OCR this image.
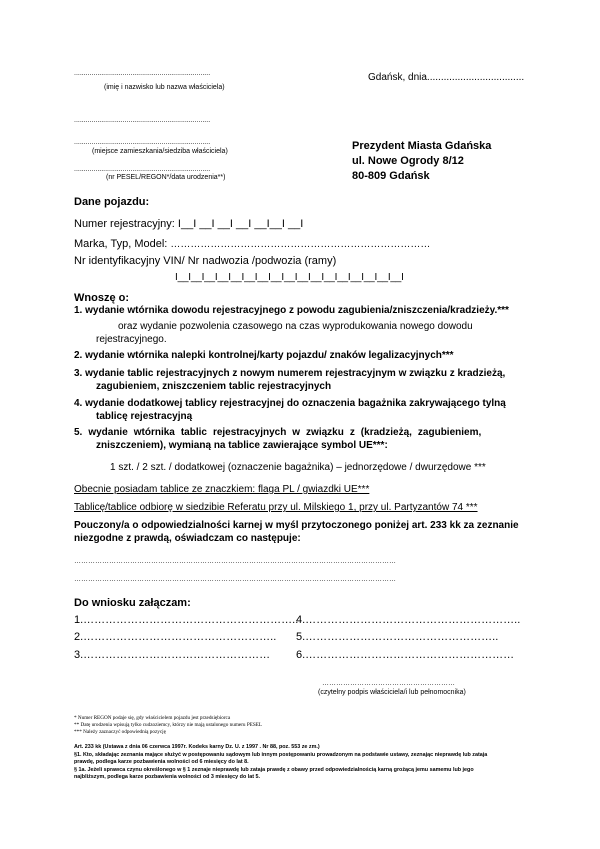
......................................................................
(imię i nazwisko lub nazwa właściciela)
Gdańsk, dnia...................................
......................................................................
......................................................................
(miejsce zamieszkania/siedziba właściciela)
......................................................................
(nr PESEL/REGON*/data urodzenia**)
Prezydent Miasta Gdańska
ul. Nowe Ogrody 8/12
80-809 Gdańsk
Dane pojazdu:
Numer rejestracyjny: I__I __I __I __I __I__I __I
Marka, Typ, Model: ……………………………………………………………………
Nr identyfikacyjny VIN/ Nr nadwozia /podwozia (ramy)
I__I__I__I__I__I__I__I__I__I__I__I__I__I__I__I__I__I
Wnoszę o:
1. wydanie wtórnika dowodu rejestracyjnego z powodu zagubienia/zniszczenia/kradzieży.***
oraz wydanie pozwolenia czasowego na czas wyprodukowania nowego dowodu
rejestracyjnego.
2. wydanie wtórnika nalepki kontrolnej/karty pojazdu/ znaków legalizacyjnych***
3. wydanie tablic rejestracyjnych z nowym numerem rejestracyjnym w związku z kradzieżą,
zagubieniem, zniszczeniem tablic rejestracyjnych
4. wydanie dodatkowej tablicy rejestracyjnej do oznaczenia bagażnika zakrywającego tylną
tablicę rejestracyjną
5. wydanie wtórnika tablic rejestracyjnych w związku z (kradzieżą, zagubieniem,
zniszczeniem), wymianą na tablice zawierające symbol UE***:
1 szt. / 2 szt. / dodatkowej (oznaczenie bagażnika) – jednorzędowe / dwurzędowe ***
Obecnie posiadam tablice ze znaczkiem: flaga PL / gwiazdki UE***
Tablicę/tablice odbiorę w siedzibie Referatu przy ul. Milskiego 1, przy ul. Partyzantów 74 ***
Pouczony/a o odpowiedzialności karnej w myśl przytoczonego poniżej art. 233 kk za zeznanie
niezgodne z prawdą, oświadczam co następuje:
…………………………………………………………………………………………………………………………
…………………………………………………………………………………………………………………………
Do wniosku załączam:
1.…………………………………………………..
2.……………………………………………..
3.……………………………………………
4.…………………………………………………..
5.……………………………………………..
6.…………………………………………………
…………………………………………………
(czytelny podpis właściciela/i lub pełnomocnika)
* Numer REGON podaje się, gdy właścicielem pojazdu jest przedsiębiorca
** Datę urodzenia wpisują tylko cudzoziemcy, którzy nie mają ustalonego numeru PESEL
*** Należy zaznaczyć odpowiednią pozycję
Art. 233 kk (Ustawa z dnia 06 czerwca 1997r. Kodeks karny Dz. U. z 1997 . Nr 88, poz. 553 ze zm.)
§1. Kto, składając zeznania mające służyć w postępowaniu sądowym lub innym postępowaniu prowadzonym na podstawie ustawy, zeznając nieprawdę lub zataja
prawdę, podlega karze pozbawienia wolności od 6 miesięcy do lat 8.
§ 1a. Jeżeli sprawca czynu określonego w § 1 zeznaje nieprawdę lub zataja prawdę z obawy przed odpowiedzialnością karną grożącą jemu samemu lub jego
najbliższym, podlega karze pozbawienia wolności od 3 miesięcy do lat 5.
